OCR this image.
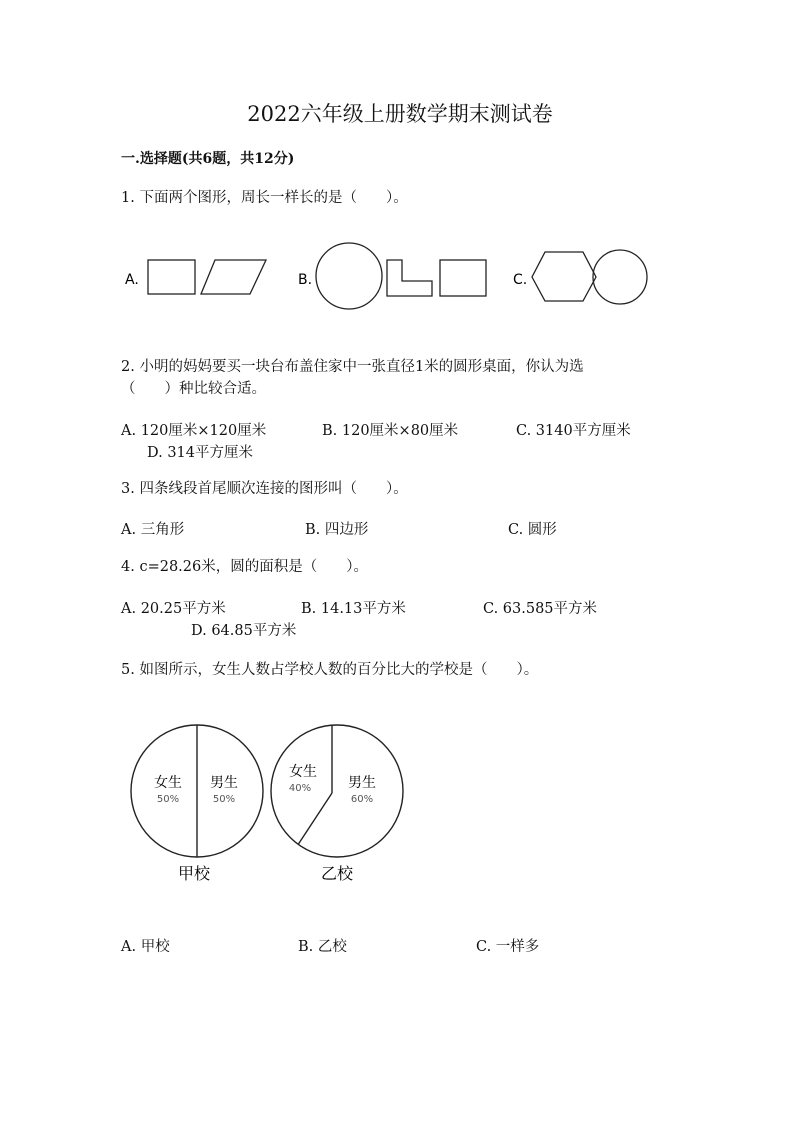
2022六年级上册数学期末测试卷
一.选择题(共6题，共12分)
1. 下面两个图形，周长一样长的是（　　）。
A.	B.	C.
2. 小明的妈妈要买一块台布盖住家中一张直径1米的圆形桌面，你认为选
（　　）种比较合适。
A. 120厘米×120厘米	B. 120厘米×80厘米	C. 3140平方厘米
D. 314平方厘米
3. 四条线段首尾顺次连接的图形叫（　　）。
A. 三角形	B. 四边形	C. 圆形
4. c=28.26米，圆的面积是（　　）。
A. 20.25平方米	B. 14.13平方米	C. 63.585平方米
D. 64.85平方米
5. 如图所示，女生人数占学校人数的百分比大的学校是（　　）。
女生
50%
男生
50%
甲校
女生
40%	男生
60%
乙校
A. 甲校	B. 乙校	C. 一样多
